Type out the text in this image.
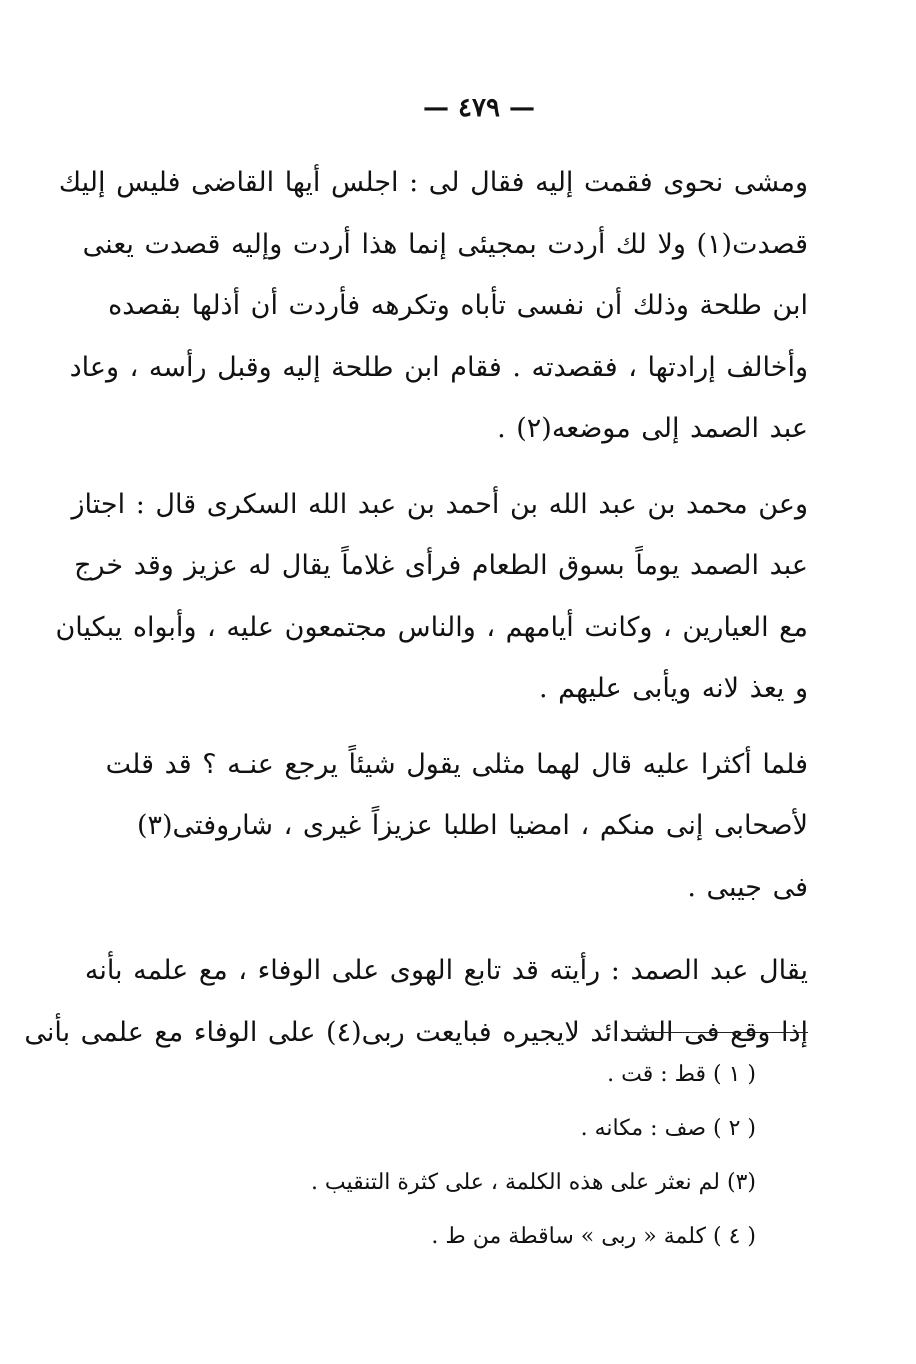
— ٤٧٩ —

ومشى نحوى فقمت إليه فقال لى : اجلس أيها القاضى فليس إليك
قصدت(١) ولا لك أردت بمجيئى إنما هذا أردت وإليه قصدت يعنى
ابن طلحة وذلك أن نفسى تأباه وتكرهه فأردت أن أذلها بقصده
وأخالف إرادتها ، فقصدته . فقام ابن طلحة إليه وقبل رأسه ، وعاد
عبد الصمد إلى موضعه(٢) .

وعن محمد بن عبد الله بن أحمد بن عبد الله السكرى قال : اجتاز
عبد الصمد يوماً بسوق الطعام فرأى غلاماً يقال له عزيز وقد خرج
مع العيارين ، وكانت أيامهم ، والناس مجتمعون عليه ، وأبواه يبكيان
و يعذ لانه ويأبى عليهم .

فلما أكثرا عليه قال لهما مثلى يقول شيئاً يرجع عنـه ؟ قد قلت
لأصحابى إنى منكم ، امضيا اطلبا عزيزاً غيرى ، شاروفتى(٣)
فى جيبى .

يقال عبد الصمد : رأيته قد تابع الهوى على الوفاء ، مع علمه بأنه
إذا وقع فى الشدائد لايجيره فبايعت ربى(٤) على الوفاء مع علمى بأنى

( ١ ) قط : قت .
( ٢ ) صف : مكانه .
(٣) لم نعثر على هذه الكلمة ، على كثرة التنقيب .
( ٤ ) كلمة « ربى » ساقطة من ط .
